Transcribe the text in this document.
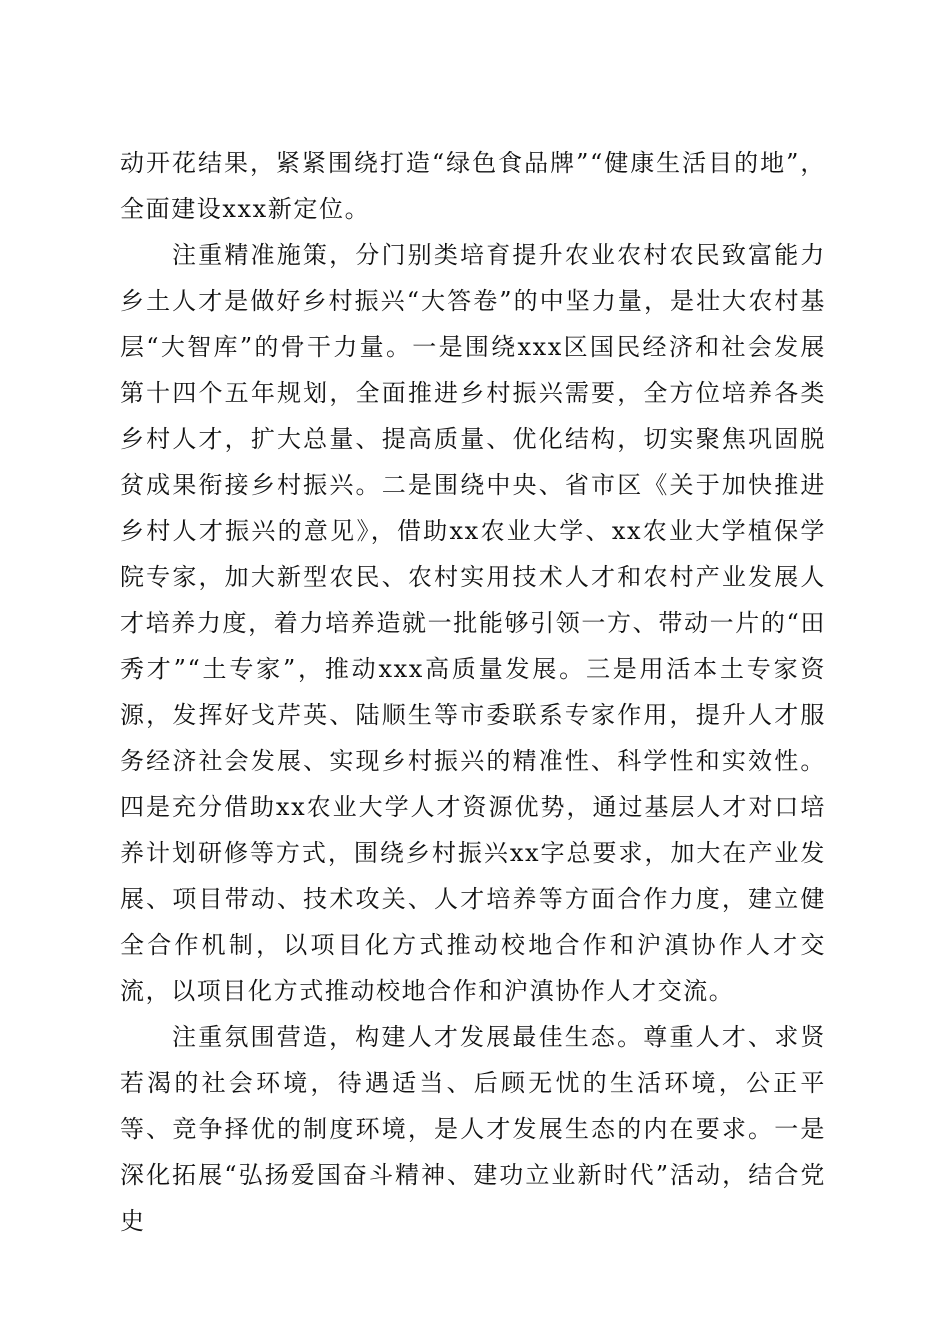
动开花结果，紧紧围绕打造“绿色食品牌”“健康生活目的地”，全面建设xxx新定位。

注重精准施策，分门别类培育提升农业农村农民致富能力乡土人才是做好乡村振兴“大答卷”的中坚力量，是壮大农村基层“大智库”的骨干力量。一是围绕xxx区国民经济和社会发展第十四个五年规划，全面推进乡村振兴需要，全方位培养各类乡村人才，扩大总量、提高质量、优化结构，切实聚焦巩固脱贫成果衔接乡村振兴。二是围绕中央、省市区《关于加快推进乡村人才振兴的意见》，借助xx农业大学、xx农业大学植保学院专家，加大新型农民、农村实用技术人才和农村产业发展人才培养力度，着力培养造就一批能够引领一方、带动一片的“田秀才”“土专家”，推动xxx高质量发展。三是用活本土专家资源，发挥好戈芹英、陆顺生等市委联系专家作用，提升人才服务经济社会发展、实现乡村振兴的精准性、科学性和实效性。四是充分借助xx农业大学人才资源优势，通过基层人才对口培养计划研修等方式，围绕乡村振兴xx字总要求，加大在产业发展、项目带动、技术攻关、人才培养等方面合作力度，建立健全合作机制，以项目化方式推动校地合作和沪滇协作人才交流，以项目化方式推动校地合作和沪滇协作人才交流。

注重氛围营造，构建人才发展最佳生态。尊重人才、求贤若渴的社会环境，待遇适当、后顾无忧的生活环境，公正平等、竞争择优的制度环境，是人才发展生态的内在要求。一是深化拓展“弘扬爱国奋斗精神、建功立业新时代”活动，结合党史
